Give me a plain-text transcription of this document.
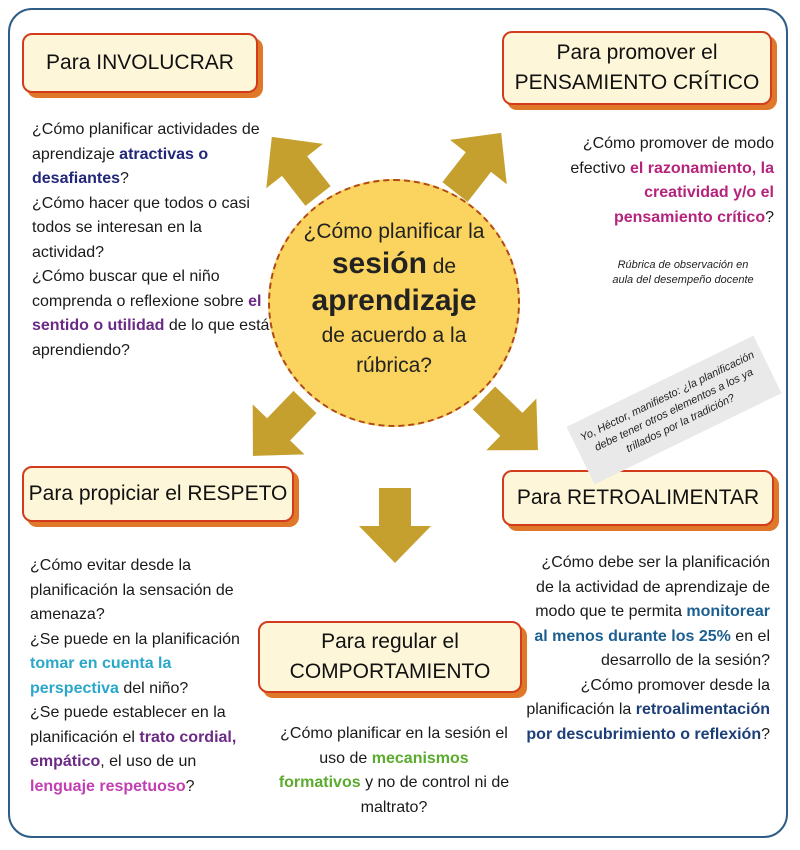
Para INVOLUCRAR	Para promover el
PENSAMIENTO CRÍTICO
Para propiciar el RESPETO	Para RETROALIMENTAR
Para regular el
COMPORTAMIENTO
¿Cómo planificar actividades de aprendizaje atractivas o desafiantes?
¿Cómo hacer que todos o casi todos se interesan en la actividad?
¿Cómo buscar que el niño comprenda o reflexione sobre el sentido o utilidad de lo que está aprendiendo?
¿Cómo promover de modo efectivo el razonamiento, la creatividad y/o el pensamiento crítico?
¿Cómo evitar desde la planificación la sensación de amenaza?
¿Se puede en la planificación tomar en cuenta la perspectiva del niño?
¿Se puede establecer en la planificación el trato cordial, empático, el uso de un lenguaje respetuoso?
¿Cómo debe ser la planificación de la actividad de aprendizaje de modo que te permita monitorear al menos durante los 25% en el desarrollo de la sesión?
¿Cómo promover desde la planificación la retroalimentación por descubrimiento o reflexión?
¿Cómo planificar en la sesión el uso de mecanismos formativos y no de control ni de maltrato?
¿Cómo planificar la
sesión de
aprendizaje
de acuerdo a la
rúbrica?
Rúbrica de observación en aula del desempeño docente
Yo, Héctor, manifiesto: ¿la planificación debe tener otros elementos a los ya trillados por la tradición?
